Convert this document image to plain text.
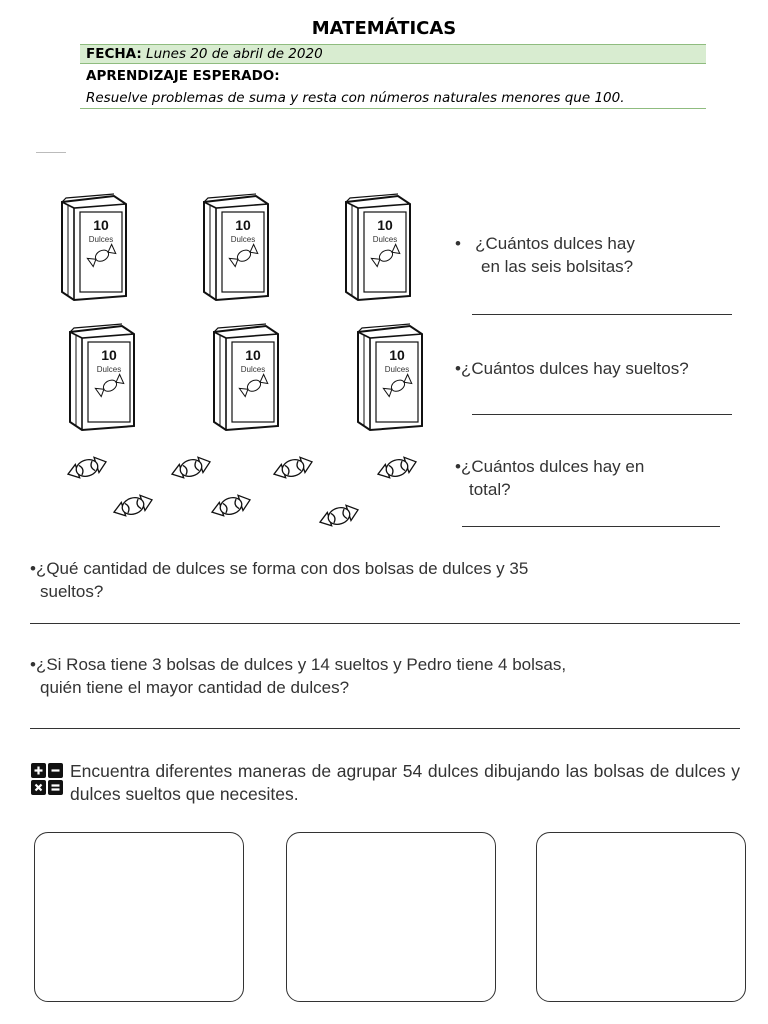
MATEMÁTICAS
FECHA: Lunes 20 de abril de 2020
APRENDIZAJE ESPERADO:
Resuelve problemas de suma y resta con números naturales menores que 100.
10
Dulces
10
Dulces
10
Dulces
10
Dulces
10
Dulces
10
Dulces
• ¿Cuántos dulces hay
en las seis bolsitas?
•¿Cuántos dulces hay sueltos?
•¿Cuántos dulces hay en
total?
•¿Qué cantidad de dulces se forma con dos bolsas de dulces y 35
sueltos?
•¿Si Rosa tiene 3 bolsas de dulces y 14 sueltos y Pedro tiene 4 bolsas,
quién tiene el mayor cantidad de dulces?
Encuentra diferentes maneras de agrupar 54 dulces dibujando las bolsas de dulces y dulces sueltos que necesites.
